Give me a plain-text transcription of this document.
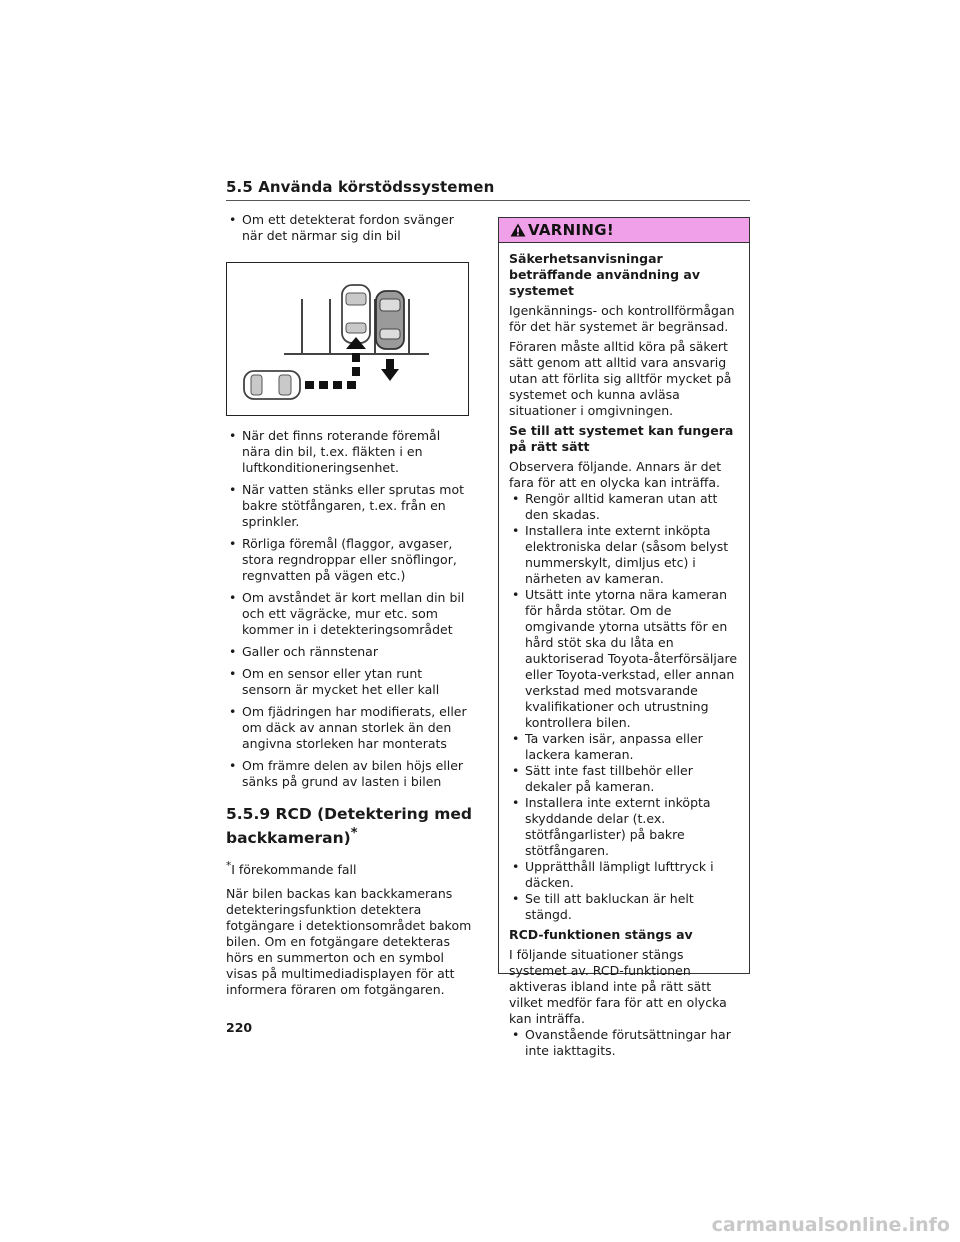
5.5 Använda körstödssystemen
• Om ett detekterat fordon svänger när det närmar sig din bil
• När det finns roterande föremål nära din bil, t.ex. fläkten i en luftkonditioneringsenhet.
• När vatten stänks eller sprutas mot bakre stötfångaren, t.ex. från en sprinkler.
• Rörliga föremål (flaggor, avgaser, stora regndroppar eller snöflingor, regnvatten på vägen etc.)
• Om avståndet är kort mellan din bil och ett vägräcke, mur etc. som kommer in i detekteringsområdet
• Galler och rännstenar
• Om en sensor eller ytan runt sensorn är mycket het eller kall
• Om fjädringen har modifierats, eller om däck av annan storlek än den angivna storleken har monterats
• Om främre delen av bilen höjs eller sänks på grund av lasten i bilen
5.5.9 RCD (Detektering med backkameran)*

*I förekommande fall

När bilen backas kan backkamerans detekteringsfunktion detektera fotgängare i detektionsområdet bakom bilen. Om en fotgängare detekteras hörs en summerton och en symbol visas på multimediadisplayen för att informera föraren om fotgängaren.

VARNING!

Säkerhetsanvisningar beträffande användning av systemet

Igenkännings- och kontrollförmågan för det här systemet är begränsad.

Föraren måste alltid köra på säkert sätt genom att alltid vara ansvarig utan att förlita sig alltför mycket på systemet och kunna avläsa situationer i omgivningen.

Se till att systemet kan fungera på rätt sätt

Observera följande. Annars är det fara för att en olycka kan inträffa.

• Rengör alltid kameran utan att den skadas.
• Installera inte externt inköpta elektroniska delar (såsom belyst nummerskylt, dimljus etc) i närheten av kameran.
• Utsätt inte ytorna nära kameran för hårda stötar. Om de omgivande ytorna utsätts för en hård stöt ska du låta en auktoriserad Toyota-återförsäljare eller Toyota-verkstad, eller annan verkstad med motsvarande kvalifikationer och utrustning kontrollera bilen.
• Ta varken isär, anpassa eller lackera kameran.
• Sätt inte fast tillbehör eller dekaler på kameran.
• Installera inte externt inköpta skyddande delar (t.ex. stötfångarlister) på bakre stötfångaren.
• Upprätthåll lämpligt lufttryck i däcken.
• Se till att bakluckan är helt stängd.

RCD-funktionen stängs av

I följande situationer stängs systemet av. RCD-funktionen aktiveras ibland inte på rätt sätt vilket medför fara för att en olycka kan inträffa.

• Ovanstående förutsättningar har inte iakttagits.
220
carmanualsonline.info
